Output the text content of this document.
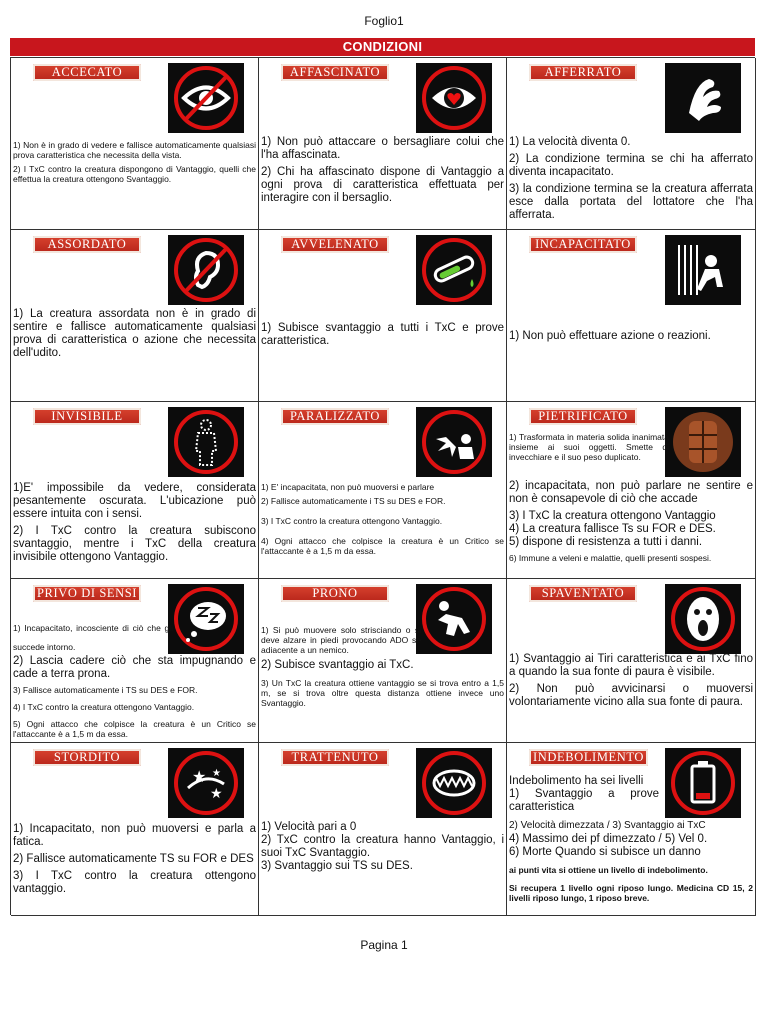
Foglio1
CONDIZIONI
ACCECATO

1) Non è in grado di vedere e fallisce automaticamente qualsiasi prova caratteristica che necessita della vista.

2) I TxC contro la creatura dispongono di Vantaggio, quelli che effettua la creatura ottengono Svantaggio.

AFFASCINATO

1) Non può attaccare o bersagliare colui che l'ha affascinata.

2) Chi ha affascinato dispone di Vantaggio a ogni prova di caratteristica effettuata per interagire con il bersaglio.

AFFERRATO

1) La velocità diventa 0.

2) La condizione termina se chi ha afferrato diventa incapacitato.

3) la condizione termina se la creatura afferrata esce dalla portata del lottatore che l'ha afferrata.

ASSORDATO

1) La creatura assordata non è in grado di sentire e fallisce automaticamente qualsiasi prova di caratteristica o azione che necessita dell'udito.

AVVELENATO

1) Subisce svantaggio a tutti i TxC e prove caratteristica.

INCAPACITATO

1) Non può effettuare azione o reazioni.

INVISIBILE

1)E' impossibile da vedere, considerata pesantemente oscurata. L'ubicazione può essere intuita con i sensi.

2) I TxC contro la creatura subiscono svantaggio, mentre i TxC della creatura invisibile ottengono Vantaggio.

PARALIZZATO

1) E' incapacitata, non può muoversi e parlare

2) Fallisce automaticamente i TS su DES e FOR.

3) I TxC contro la creatura ottengono Vantaggio.

4) Ogni attacco che colpisce la creatura è un Critico se l'attaccante è a 1,5 m da essa.

PIETRIFICATO

1) Trasformata in materia solida inanimata insieme ai suoi oggetti. Smette di invecchiare e il suo peso duplicato.

2) incapacitata, non può parlare ne sentire e non è consapevole di ciò che accade

3) I TxC la creatura ottengono Vantaggio

4) La creatura fallisce Ts su FOR e DES.

5) dispone di resistenza a tutti i danni.

6) Immune a veleni e malattie, quelli presenti sospesi.

PRIVO DI SENSI

1) Incapacitato, incosciente di ciò che gli succede intorno.

2) Lascia cadere ciò che sta impugnando e cade a terra prona.

3) Fallisce automaticamente i TS su DES e FOR.

4) I TxC contro la creatura ottengono Vantaggio.

5) Ogni attacco che colpisce la creatura è un Critico se l'attaccante è a 1,5 m da essa.

PRONO

1) Si può muovere solo strisciando o si deve alzare in piedi provocando ADO se adiacente a un nemico.

2) Subisce svantaggio ai TxC.

3) Un TxC la creatura ottiene vantaggio se si trova entro a 1,5 m, se si trova oltre questa distanza ottiene invece uno Svantaggio.

SPAVENTATO

1) Svantaggio ai Tiri caratteristica e ai TxC fino a quando la sua fonte di paura è visibile.

2) Non può avvicinarsi o muoversi volontariamente vicino alla sua fonte di paura.

STORDITO
★
★
★

1) Incapacitato, non può muoversi e parla a fatica.

2) Fallisce automaticamente TS su FOR e DES

3) I TxC contro la creatura ottengono vantaggio.

TRATTENUTO

1) Velocità pari a 0

2) TxC contro la creatura hanno Vantaggio, i suoi TxC Svantaggio.

3) Svantaggio sui TS su DES.

INDEBOLIMENTO

Indebolimento ha sei livelli

1) Svantaggio a prove caratteristica

2) Velocità dimezzata / 3) Svantaggio ai TxC

4) Massimo dei pf dimezzato / 5) Vel 0.

6) Morte Quando si subisce un danno

ai punti vita si ottiene un livello di indebolimento.

Si recupera 1 livello ogni riposo lungo. Medicina CD 15, 2 livelli riposo lungo, 1 riposo breve.

Pagina 1
